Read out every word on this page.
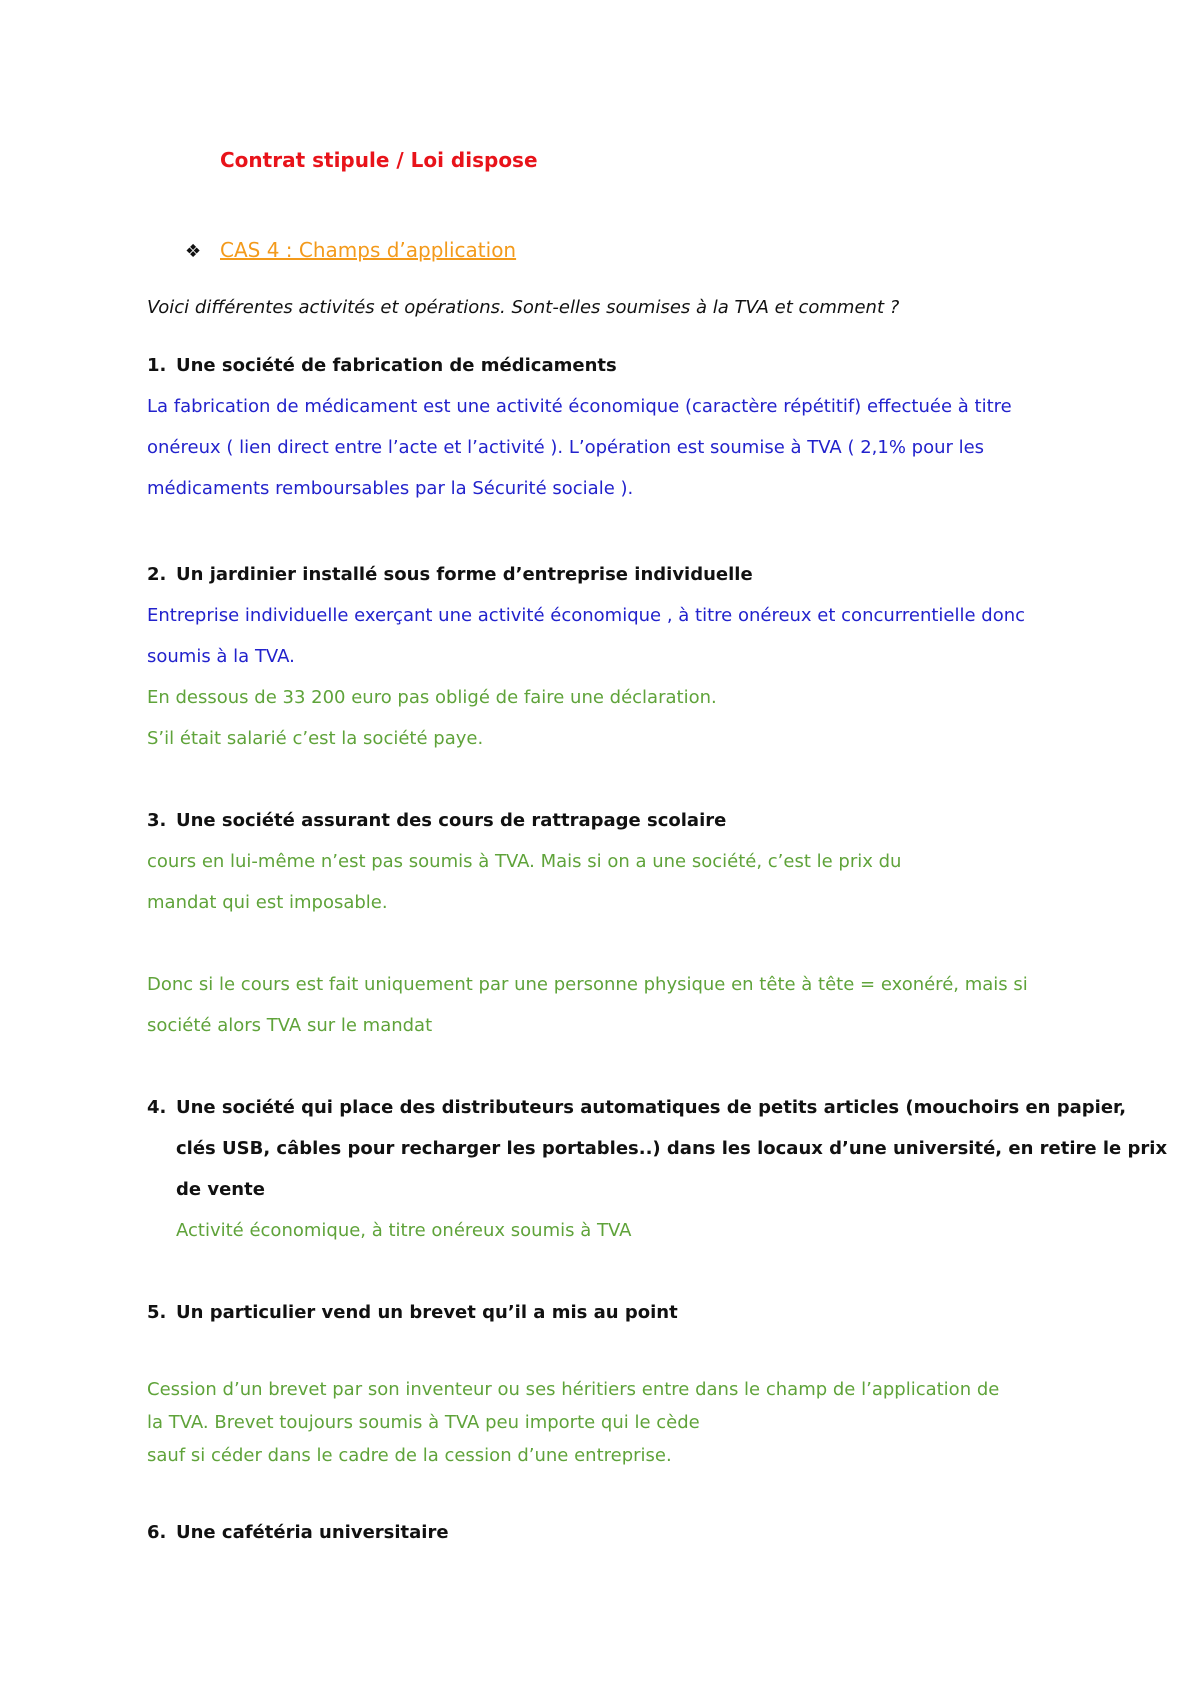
Contrat stipule / Loi dispose
❖ CAS 4 : Champs d’application
Voici différentes activités et opérations. Sont-elles soumises à la TVA et comment ?
1. Une société de fabrication de médicaments
La fabrication de médicament est une activité économique (caractère répétitif) effectuée à titre
onéreux ( lien direct entre l’acte et l’activité ). L’opération est soumise à TVA ( 2,1% pour les
médicaments remboursables par la Sécurité sociale ).
2. Un jardinier installé sous forme d’entreprise individuelle
Entreprise individuelle exerçant une activité économique , à titre onéreux et concurrentielle donc
soumis à la TVA.
En dessous de 33 200 euro pas obligé de faire une déclaration.
S’il était salarié c’est la société paye.
3. Une société assurant des cours de rattrapage scolaire
cours en lui-même n’est pas soumis à TVA. Mais si on a une société, c’est le prix du
mandat qui est imposable.
Donc si le cours est fait uniquement par une personne physique en tête à tête = exonéré, mais si
société alors TVA sur le mandat
4. Une société qui place des distributeurs automatiques de petits articles (mouchoirs en papier,
clés USB, câbles pour recharger les portables..) dans les locaux d’une université, en retire le prix
de vente
Activité économique, à titre onéreux soumis à TVA
5. Un particulier vend un brevet qu’il a mis au point
Cession d’un brevet par son inventeur ou ses héritiers entre dans le champ de l’application de
la TVA. Brevet toujours soumis à TVA peu importe qui le cède
sauf si céder dans le cadre de la cession d’une entreprise.
6. Une cafétéria universitaire
